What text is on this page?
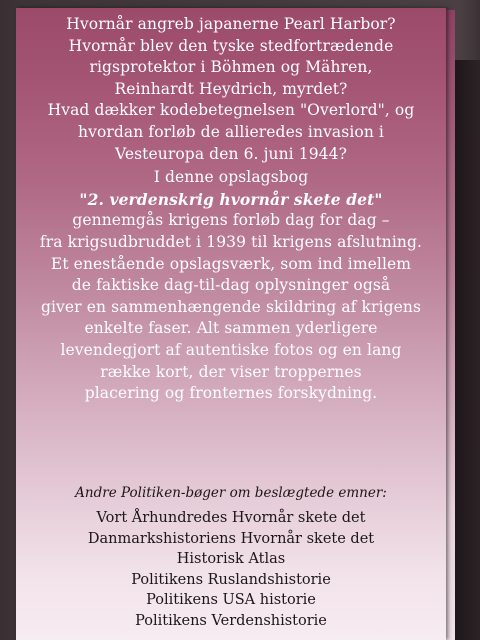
Hvornår angreb japanerne Pearl Harbor?
Hvornår blev den tyske stedfortrædende
rigsprotektor i Böhmen og Mähren,
Reinhardt Heydrich, myrdet?
Hvad dækker kodebetegnelsen "Overlord", og
hvordan forløb de allieredes invasion i
Vesteuropa den 6. juni 1944?
I denne opslagsbog
"2. verdenskrig hvornår skete det"
gennemgås krigens forløb dag for dag –
fra krigsudbruddet i 1939 til krigens afslutning.
Et enestående opslagsværk, som ind imellem
de faktiske dag-til-dag oplysninger også
giver en sammenhængende skildring af krigens
enkelte faser. Alt sammen yderligere
levendegjort af autentiske fotos og en lang
række kort, der viser troppernes
placering og fronternes forskydning.
Andre Politiken-bøger om beslægtede emner:
Vort Århundredes Hvornår skete det
Danmarkshistoriens Hvornår skete det
Historisk Atlas
Politikens Ruslandshistorie
Politikens USA historie
Politikens Verdenshistorie
